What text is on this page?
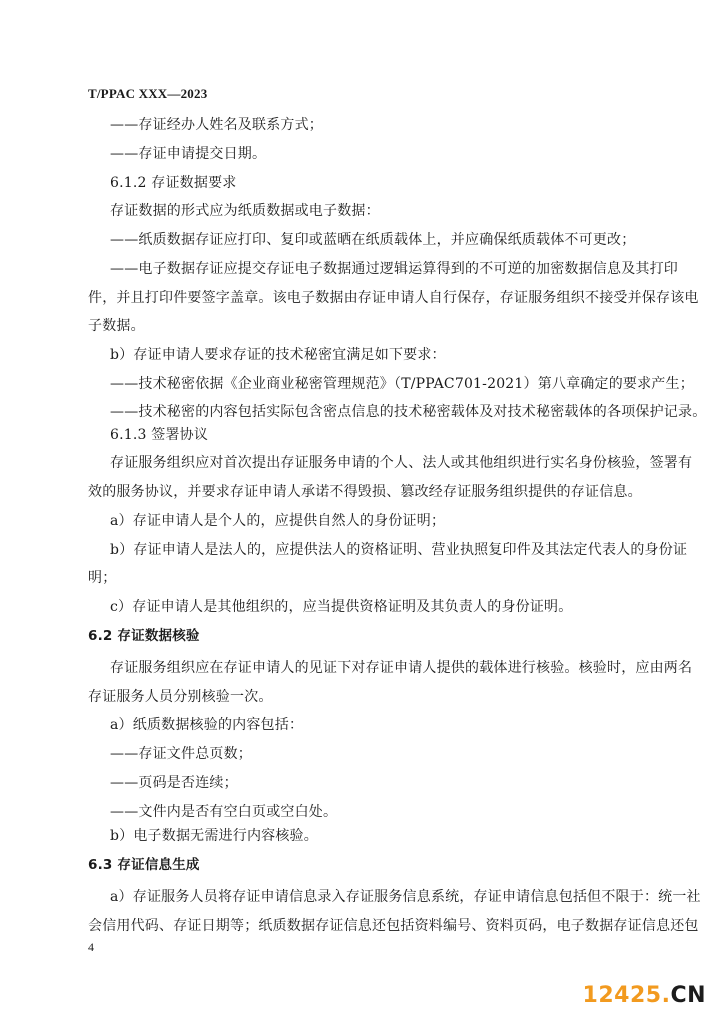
T/PPAC XXX—2023
——存证经办人姓名及联系方式；
——存证申请提交日期。
6.1.2 存证数据要求
存证数据的形式应为纸质数据或电子数据：
——纸质数据存证应打印、复印或蓝晒在纸质载体上，并应确保纸质载体不可更改；
——电子数据存证应提交存证电子数据通过逻辑运算得到的不可逆的加密数据信息及其打印
件，并且打印件要签字盖章。该电子数据由存证申请人自行保存，存证服务组织不接受并保存该电
子数据。
b）存证申请人要求存证的技术秘密宜满足如下要求：
——技术秘密依据《企业商业秘密管理规范》（T/PPAC701-2021）第八章确定的要求产生；
——技术秘密的内容包括实际包含密点信息的技术秘密载体及对技术秘密载体的各项保护记录。
6.1.3 签署协议
存证服务组织应对首次提出存证服务申请的个人、法人或其他组织进行实名身份核验，签署有
效的服务协议，并要求存证申请人承诺不得毁损、篡改经存证服务组织提供的存证信息。
a）存证申请人是个人的，应提供自然人的身份证明；
b）存证申请人是法人的，应提供法人的资格证明、营业执照复印件及其法定代表人的身份证
明；
c）存证申请人是其他组织的，应当提供资格证明及其负责人的身份证明。
6.2 存证数据核验
存证服务组织应在存证申请人的见证下对存证申请人提供的载体进行核验。核验时，应由两名
存证服务人员分别核验一次。
a）纸质数据核验的内容包括：
——存证文件总页数；
——页码是否连续；
——文件内是否有空白页或空白处。
b）电子数据无需进行内容核验。
6.3 存证信息生成
a）存证服务人员将存证申请信息录入存证服务信息系统，存证申请信息包括但不限于：统一社
会信用代码、存证日期等；纸质数据存证信息还包括资料编号、资料页码，电子数据存证信息还包
4
12425.CN
